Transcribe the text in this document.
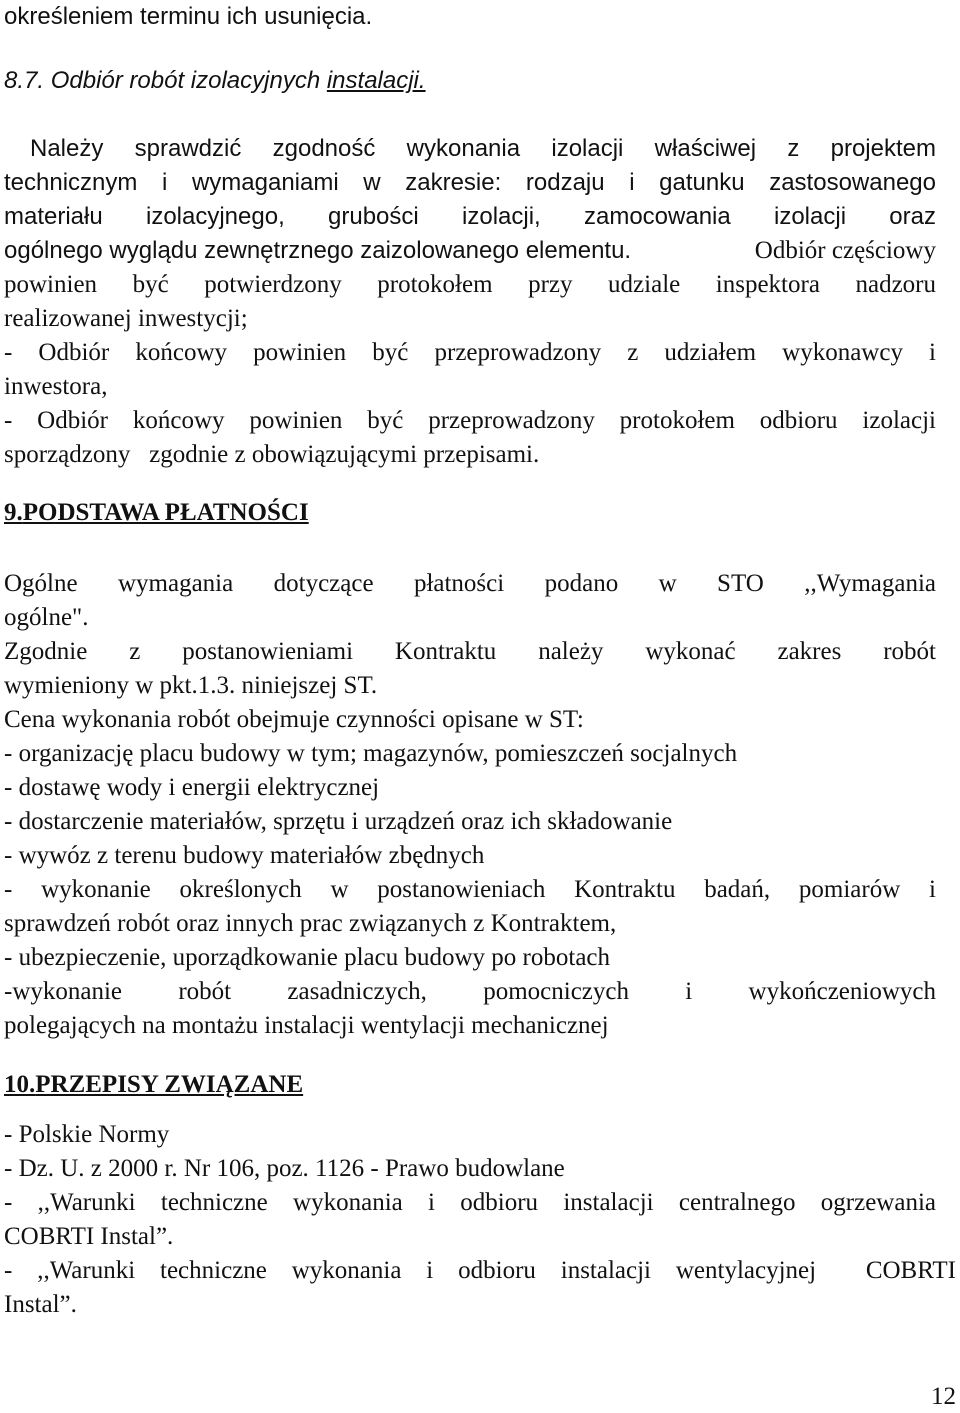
określeniem terminu ich usunięcia.
8.7. Odbiór robót izolacyjnych instalacji.
Należy sprawdzić zgodność wykonania izolacji właściwej z projektem
technicznym i wymaganiami w zakresie: rodzaju i gatunku zastosowanego
materiału izolacyjnego, grubości izolacji, zamocowania izolacji oraz
ogólnego wyglądu zewnętrznego zaizolowanego elementu.	Odbiór częściowy
powinien być potwierdzony protokołem przy udziale inspektora nadzoru
realizowanej inwestycji;
- Odbiór końcowy powinien być przeprowadzony z udziałem wykonawcy i
inwestora,
- Odbiór końcowy powinien być przeprowadzony protokołem odbioru izolacji
sporządzony   zgodnie z obowiązującymi przepisami.
9.PODSTAWA PŁATNOŚCI
Ogólne wymagania dotyczące płatności podano w STO ,,Wymagania
ogólne".
Zgodnie z postanowieniami Kontraktu należy wykonać zakres robót
wymieniony w pkt.1.3. niniejszej ST.
Cena wykonania robót obejmuje czynności opisane w ST:
- organizację placu budowy w tym; magazynów, pomieszczeń socjalnych
- dostawę wody i energii elektrycznej
- dostarczenie materiałów, sprzętu i urządzeń oraz ich składowanie
- wywóz z terenu budowy materiałów zbędnych
- wykonanie określonych w postanowieniach Kontraktu badań, pomiarów i
sprawdzeń robót oraz innych prac związanych z Kontraktem,
- ubezpieczenie, uporządkowanie placu budowy po robotach
-wykonanie robót zasadniczych, pomocniczych i wykończeniowych
polegających na montażu instalacji wentylacji mechanicznej
10.PRZEPISY ZWIĄZANE
- Polskie Normy
- Dz. U. z 2000 r. Nr 106, poz. 1126 - Prawo budowlane
- ,,Warunki techniczne wykonania i odbioru instalacji centralnego ogrzewania
COBRTI Instal”.
- ,,Warunki techniczne wykonania i odbioru instalacji wentylacyjnej  COBRTI
Instal”.
12
